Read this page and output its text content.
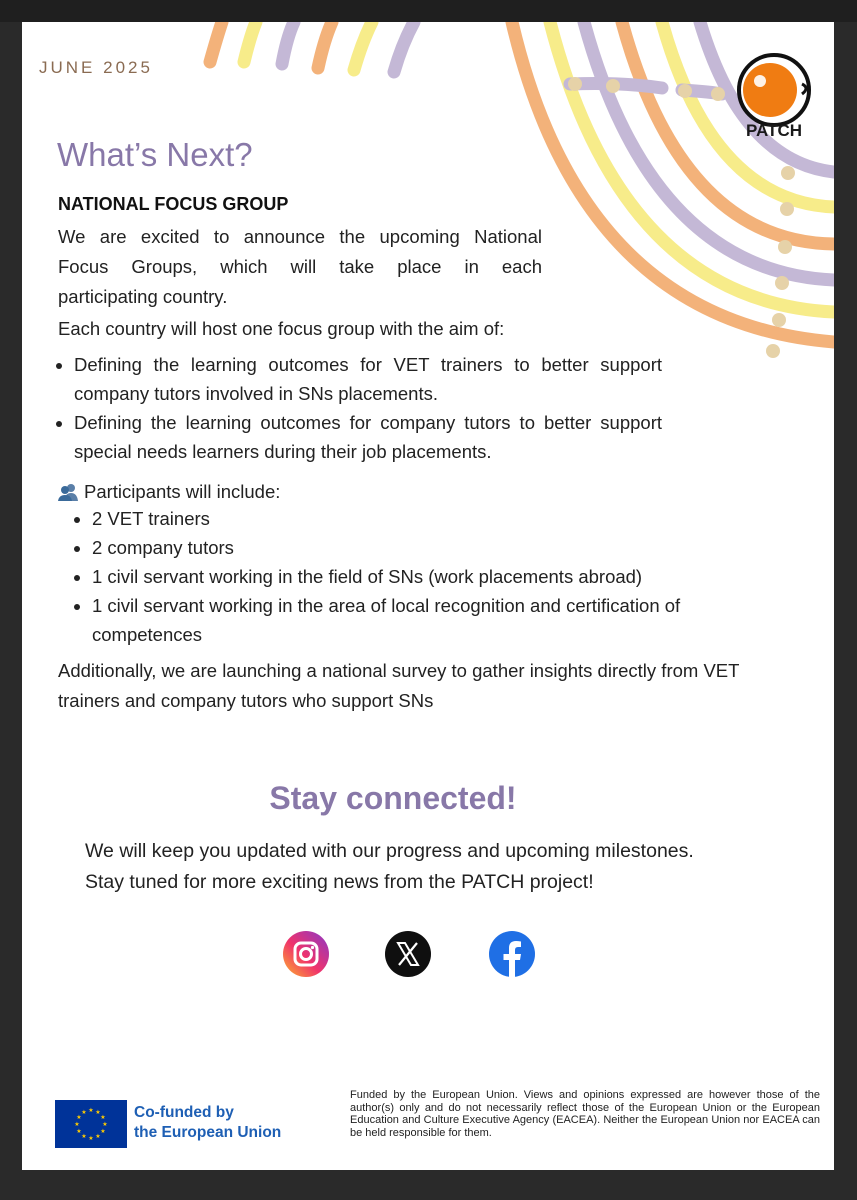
JUNE 2025
PATCH
What’s Next?
NATIONAL FOCUS GROUP
We are excited to announce the upcoming National
Focus Groups, which will take place in each
participating country.
Each country will host one focus group with the aim of:
• Defining the learning outcomes for VET trainers to better support company tutors involved in SNs placements.
• Defining the learning outcomes for company tutors to better support special needs learners during their job placements.
Participants will include:
• 2 VET trainers
• 2 company tutors
• 1 civil servant working in the field of SNs (work placements abroad)
• 1 civil servant working in the area of local recognition and certification of competences
Additionally, we are launching a national survey to gather insights directly from VET trainers and company tutors who support SNs
Stay connected!
We will keep you updated with our progress and upcoming milestones.
Stay tuned for more exciting news from the PATCH project!
★ ★
★
★
★
★
★
★
★
★
★
★	Co-funded by
the European Union
Funded by the European Union. Views and opinions expressed are however those of the author(s) only and do not necessarily reflect those of the European Union or the European Education and Culture Executive Agency (EACEA). Neither the European Union nor EACEA can be held responsible for them.
